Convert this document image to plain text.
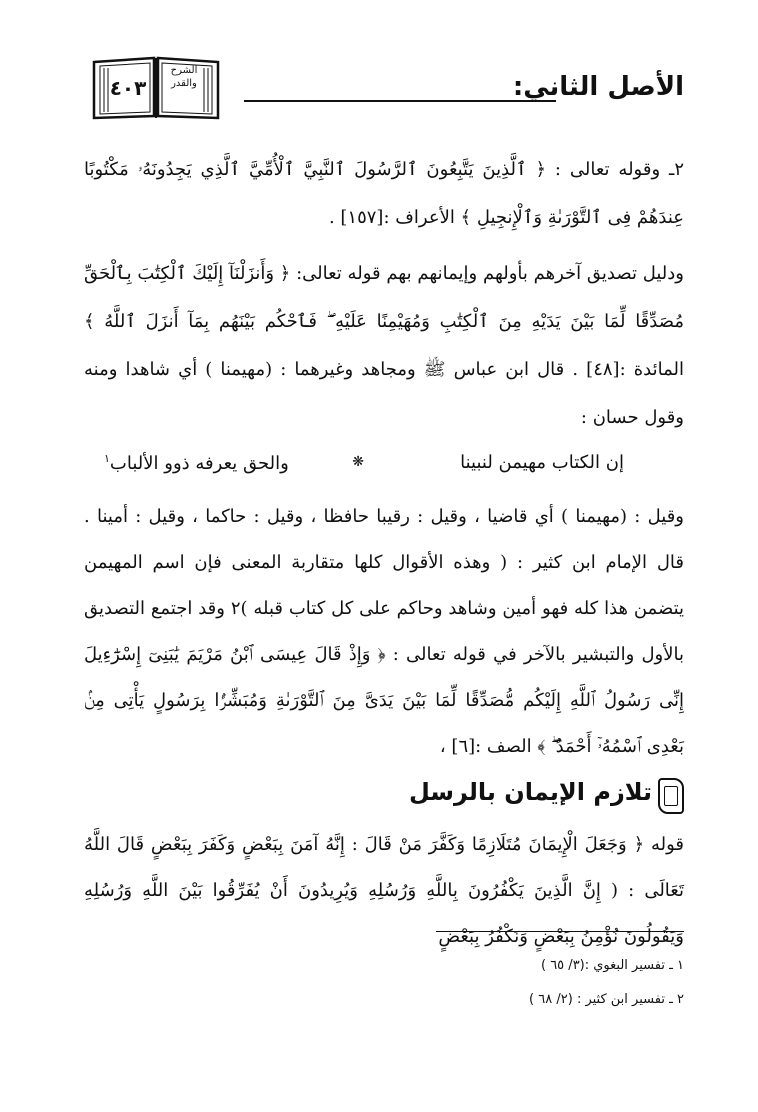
٤٠٣
الشرح
والقدر	الأصل الثاني:
٢ـ وقوله تعالى : ﴿ ٱلَّذِينَ يَتَّبِعُونَ ٱلرَّسُولَ ٱلنَّبِيَّ ٱلْأُمِّيَّ ٱلَّذِي يَجِدُونَهُۥ مَكْتُوبًا عِندَهُمْ فِى ٱلتَّوْرَىٰةِ وَٱلْإِنجِيلِ ﴾ الأعراف :[١٥٧] .
ودليل تصديق آخرهم بأولهم وإيمانهم بهم قوله تعالى: ﴿ وَأَنزَلْنَآ إِلَيْكَ ٱلْكِتَٰبَ بِٱلْحَقِّ مُصَدِّقًا لِّمَا بَيْنَ يَدَيْهِ مِنَ ٱلْكِتَٰبِ وَمُهَيْمِنًا عَلَيْهِ ۖ فَٱحْكُم بَيْنَهُم بِمَآ أَنزَلَ ٱللَّهُ ﴾ المائدة :[٤٨] . قال ابن عباس ﷺ ومجاهد وغيرهما : (مهيمنا ) أي شاهدا ومنه وقول حسان :
إن الكتاب مهيمن لنبينا
❋
والحق يعرفه ذوو الألباب$^١$
وقيل : (مهيمنا ) أي قاضيا ، وقيل : رقيبا حافظا ، وقيل : حاكما ، وقيل : أمينا . قال الإمام ابن كثير : ( وهذه الأقوال كلها متقاربة المعنى فإن اسم المهيمن يتضمن هذا كله فهو أمين وشاهد وحاكم على كل كتاب قبله )٢ وقد اجتمع التصديق بالأول والتبشير بالآخر في قوله تعالى : ﴿ وَإِذْ قَالَ عِيسَى ٱبْنُ مَرْيَمَ يَٰبَنِىٓ إِسْرَٰٓءِيلَ إِنِّى رَسُولُ ٱللَّهِ إِلَيْكُم مُّصَدِّقًا لِّمَا بَيْنَ يَدَىَّ مِنَ ٱلتَّوْرَىٰةِ وَمُبَشِّرًۢا بِرَسُولٍ يَأْتِى مِنۢ بَعْدِى ٱسْمُهُۥٓ أَحْمَدُ ۖ ﴾ الصف :[٦] ،
تلازم الإيمان بالرسل
قوله ﴿ وَجَعَلَ الْإِيمَانَ مُتَلَازِمًا وَكَفَّرَ مَنْ قَالَ : إِنَّهُ آمَنَ بِبَعْضٍ وَكَفَرَ بِبَعْضٍ قَالَ اللَّهُ تَعَالَى : ( إِنَّ الَّذِينَ يَكْفُرُونَ بِاللَّهِ وَرُسُلِهِ وَيُرِيدُونَ أَنْ يُفَرِّقُوا بَيْنَ اللَّهِ وَرُسُلِهِ وَيَقُولُونَ نُؤْمِنُ بِبَعْضٍ وَنَكْفُرُ بِبَعْضٍ
١ ـ تفسير البغوي :(٣/ ٦٥ )
٢ ـ تفسير ابن كثير : (٢/ ٦٨ )
